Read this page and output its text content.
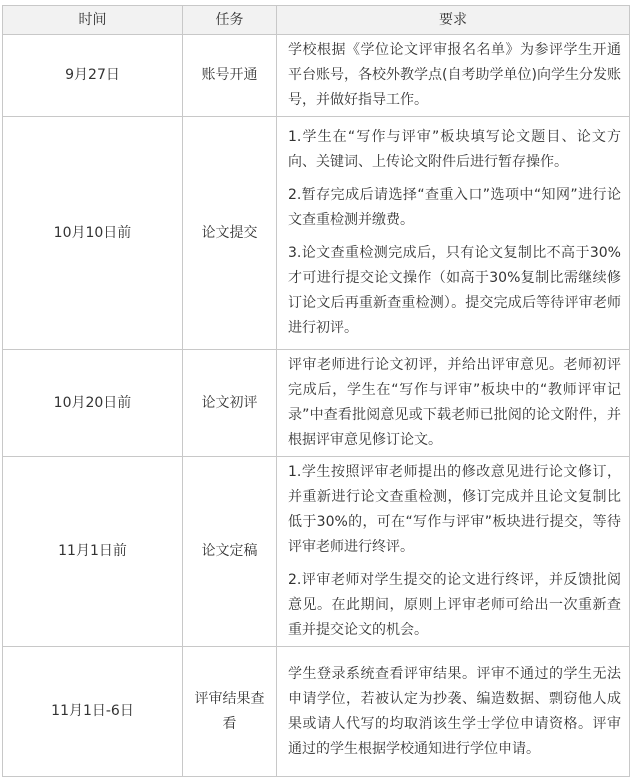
时间	任务	要求
9月27日	账号开通	学校根据《学位论文评审报名名单》为参评学生开通平台账号，各校外教学点(自考助学单位)向学生分发账号，并做好指导工作。

10月10日前	论文提交	1.学生在“写作与评审”板块填写论文题目、论文方向、关键词、上传论文附件后进行暂存操作。

2.暂存完成后请选择“查重入口”选项中“知网”进行论文查重检测并缴费。

3.论文查重检测完成后，只有论文复制比不高于30%才可进行提交论文操作（如高于30%复制比需继续修订论文后再重新查重检测）。提交完成后等待评审老师进行初评。

10月20日前	论文初评	评审老师进行论文初评，并给出评审意见。老师初评完成后，学生在“写作与评审”板块中的“教师评审记录”中查看批阅意见或下载老师已批阅的论文附件，并根据评审意见修订论文。

11月1日前	论文定稿	1.学生按照评审老师提出的修改意见进行论文修订，并重新进行论文查重检测，修订完成并且论文复制比低于30%的，可在“写作与评审”板块进行提交，等待评审老师进行终评。

2.评审老师对学生提交的论文进行终评，并反馈批阅意见。在此期间，原则上评审老师可给出一次重新查重并提交论文的机会。

11月1日-6日	评审结果查看	学生登录系统查看评审结果。评审不通过的学生无法申请学位，若被认定为抄袭、编造数据、剽窃他人成果或请人代写的均取消该生学士学位申请资格。评审通过的学生根据学校通知进行学位申请。
